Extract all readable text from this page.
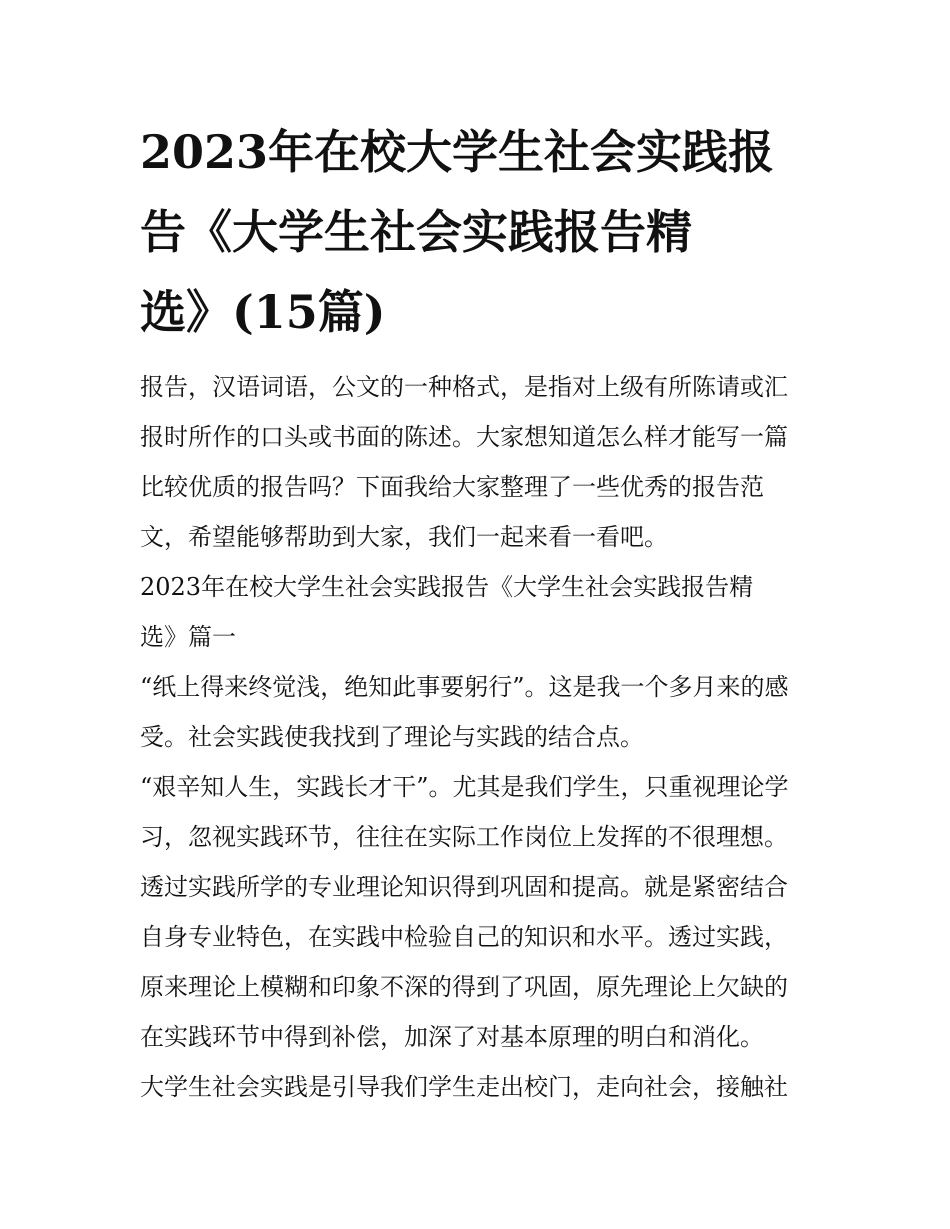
2023年在校大学生社会实践报
告《大学生社会实践报告精
选》(15篇)

报告，汉语词语，公文的一种格式，是指对上级有所陈请或汇
报时所作的口头或书面的陈述。大家想知道怎么样才能写一篇
比较优质的报告吗？下面我给大家整理了一些优秀的报告范
文，希望能够帮助到大家，我们一起来看一看吧。

2023年在校大学生社会实践报告《大学生社会实践报告精
选》篇一

“纸上得来终觉浅，绝知此事要躬行”。这是我一个多月来的感
受。社会实践使我找到了理论与实践的结合点。

“艰辛知人生，实践长才干”。尤其是我们学生，只重视理论学
习，忽视实践环节，往往在实际工作岗位上发挥的不很理想。
透过实践所学的专业理论知识得到巩固和提高。就是紧密结合
自身专业特色，在实践中检验自己的知识和水平。透过实践，
原来理论上模糊和印象不深的得到了巩固，原先理论上欠缺的
在实践环节中得到补偿，加深了对基本原理的明白和消化。

大学生社会实践是引导我们学生走出校门，走向社会，接触社
